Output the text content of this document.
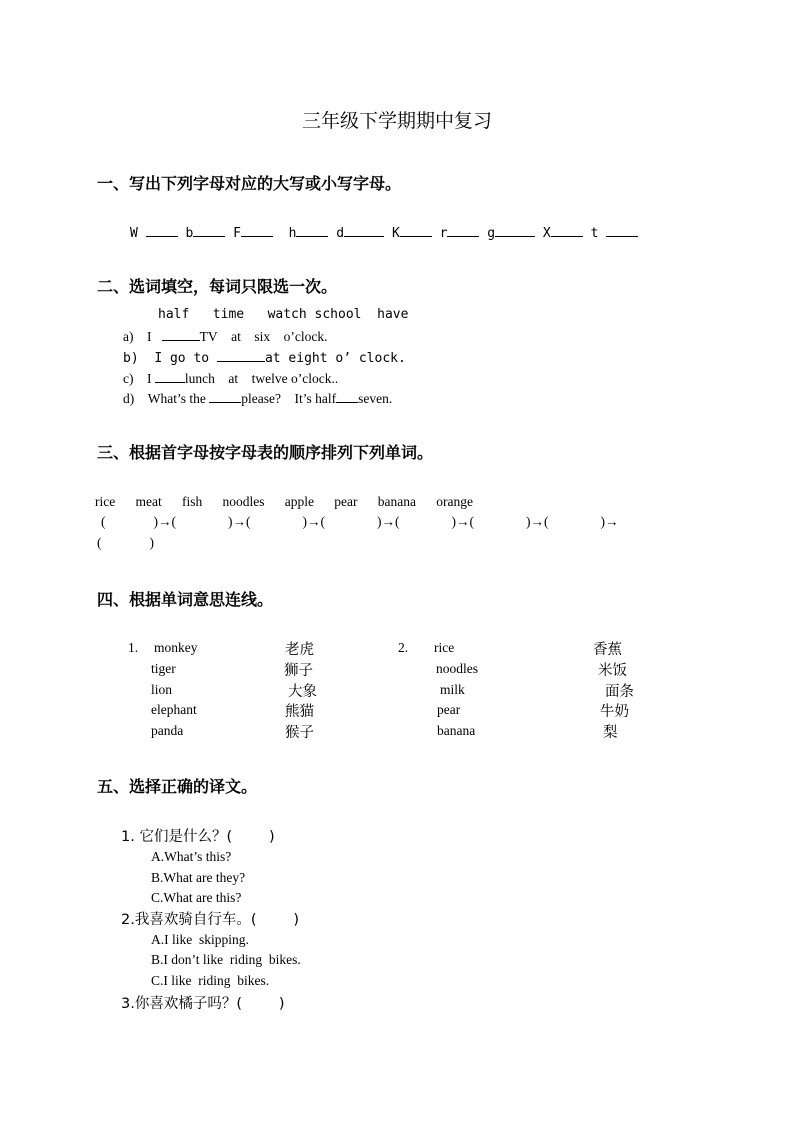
三年级下学期期中复习
一、写出下列字母对应的大写或小写字母。
W	b	F	h	d	K	r	g	X	t
二、选词填空，每词只限选一次。
half   time   watch school  have
a) I	TV at six o’clock.
b) I go to	at eight o’ clock.
c) I lunch at twelve o’clock..
d) What’s the	please? It’s half seven.
三、根据首字母按字母表的顺序排列下列单词。
rice meat fish noodles apple pear banana orange
(	)→(	)→(	)→(	)→(	)→(	)→(	)→
(	)
四、根据单词意思连线。
1. monkey
tiger
lion
elephant
panda
老虎
狮子
大象
熊猫
猴子
2. rice
noodles
milk
pear
banana
香蕉
米饭
面条
牛奶
梨
五、选择正确的译文。
1. 它们是什么？(        )
A.What’s this?
B.What are they?
C.What are this?
2.我喜欢骑自行车。(        )
A.I like  skipping.
B.I don’t like  riding  bikes.
C.I like  riding  bikes.
3.你喜欢橘子吗？(        )
